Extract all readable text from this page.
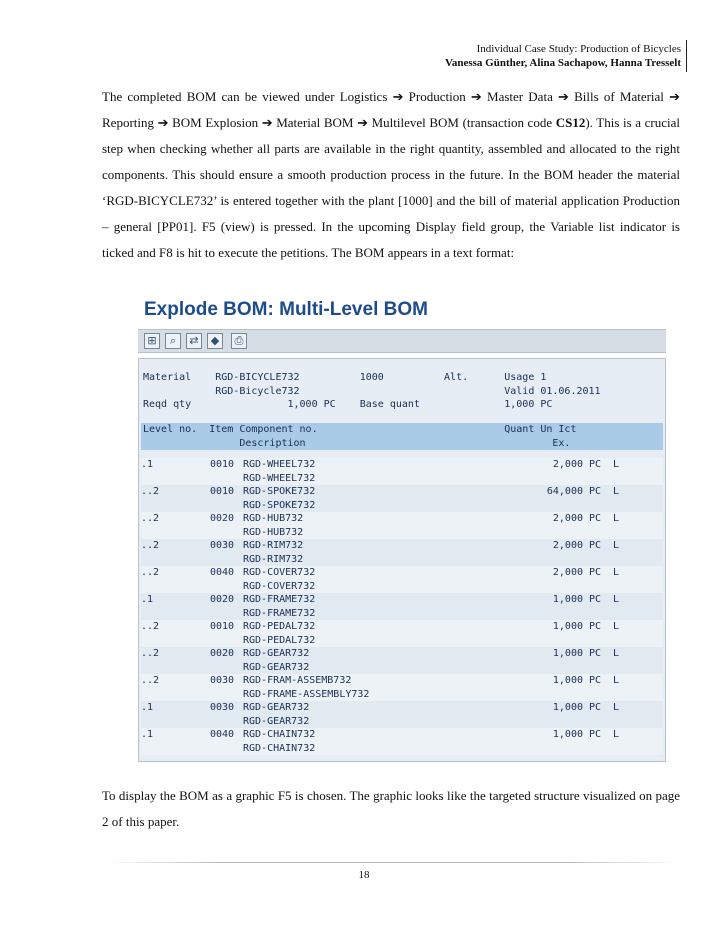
Individual Case Study: Production of Bicycles
Vanessa Günther, Alina Sachapow, Hanna Tresselt
The completed BOM can be viewed under Logistics ➔ Production ➔ Master Data ➔ Bills of Material ➔ Reporting ➔ BOM Explosion ➔ Material BOM ➔ Multilevel BOM (transaction code CS12). This is a crucial step when checking whether all parts are available in the right quantity, assembled and allocated to the right components. This should ensure a smooth production process in the future. In the BOM header the material ‘RGD-BICYCLE732’ is entered together with the plant [1000] and the bill of material application Production – general [PP01]. F5 (view) is pressed. In the upcoming Display field group, the Variable list indicator is ticked and F8 is hit to execute the petitions. The BOM appears in a text format:
Explode BOM: Multi-Level BOM
⊞	⌕	⇄	◆	⎙
Material    RGD-BICYCLE732          1000          Alt.      Usage 1
RGD-Bicycle732                                  Valid 01.06.2011
Reqd qty                1,000 PC    Base quant              1,000 PC
Level no.  Item Component no.                               Quant Un Ict
Description                                         Ex.
.1	0010 RGD-WHEEL732	2,000 PC L
RGD-WHEEL732
..2	0010 RGD-SPOKE732	64,000 PC L
RGD-SPOKE732
..2	0020 RGD-HUB732	2,000 PC L
RGD-HUB732
..2	0030 RGD-RIM732	2,000 PC L
RGD-RIM732
..2	0040 RGD-COVER732	2,000 PC L
RGD-COVER732
.1	0020 RGD-FRAME732	1,000 PC L
RGD-FRAME732
..2	0010 RGD-PEDAL732	1,000 PC L
RGD-PEDAL732
..2	0020 RGD-GEAR732	1,000 PC L
RGD-GEAR732
..2	0030 RGD-FRAM-ASSEMB732	1,000 PC L
RGD-FRAME-ASSEMBLY732
.1	0030 RGD-GEAR732	1,000 PC L
RGD-GEAR732
.1	0040 RGD-CHAIN732	1,000 PC L
RGD-CHAIN732
To display the BOM as a graphic F5 is chosen. The graphic looks like the targeted structure visualized on page 2 of this paper.
18
